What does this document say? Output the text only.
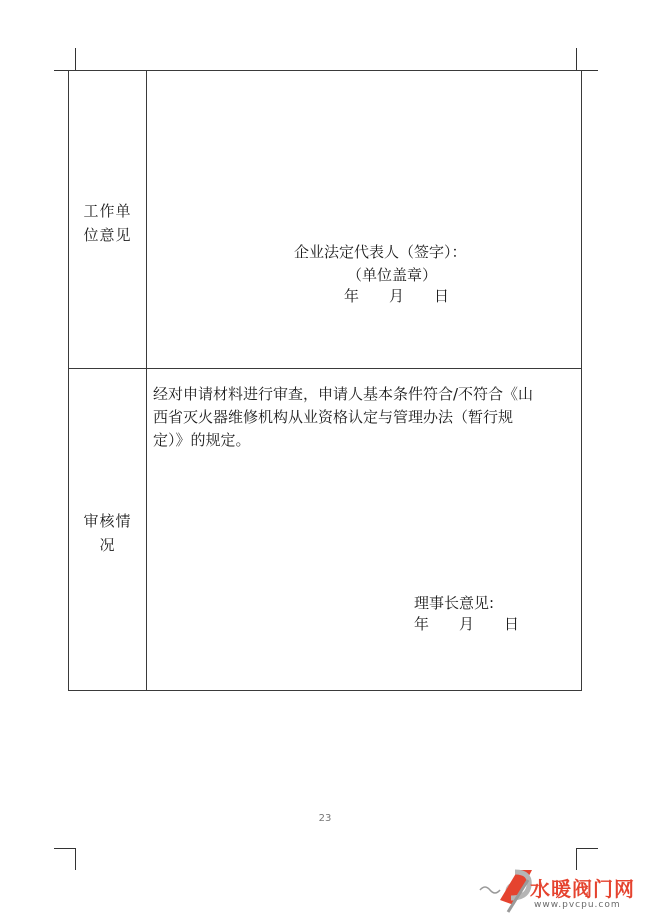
工作单
位意见
企业法定代表人（签字）：
（单位盖章）
年　　月　　日
审核情
况
经对申请材料进行审查，申请人基本条件符合/不符合《山
西省灭火器维修机构从业资格认定与管理办法（暂行规
定）》的规定。
理事长意见:
年　　月　　日
23
水暖阀门网
www.pvcpu.com
